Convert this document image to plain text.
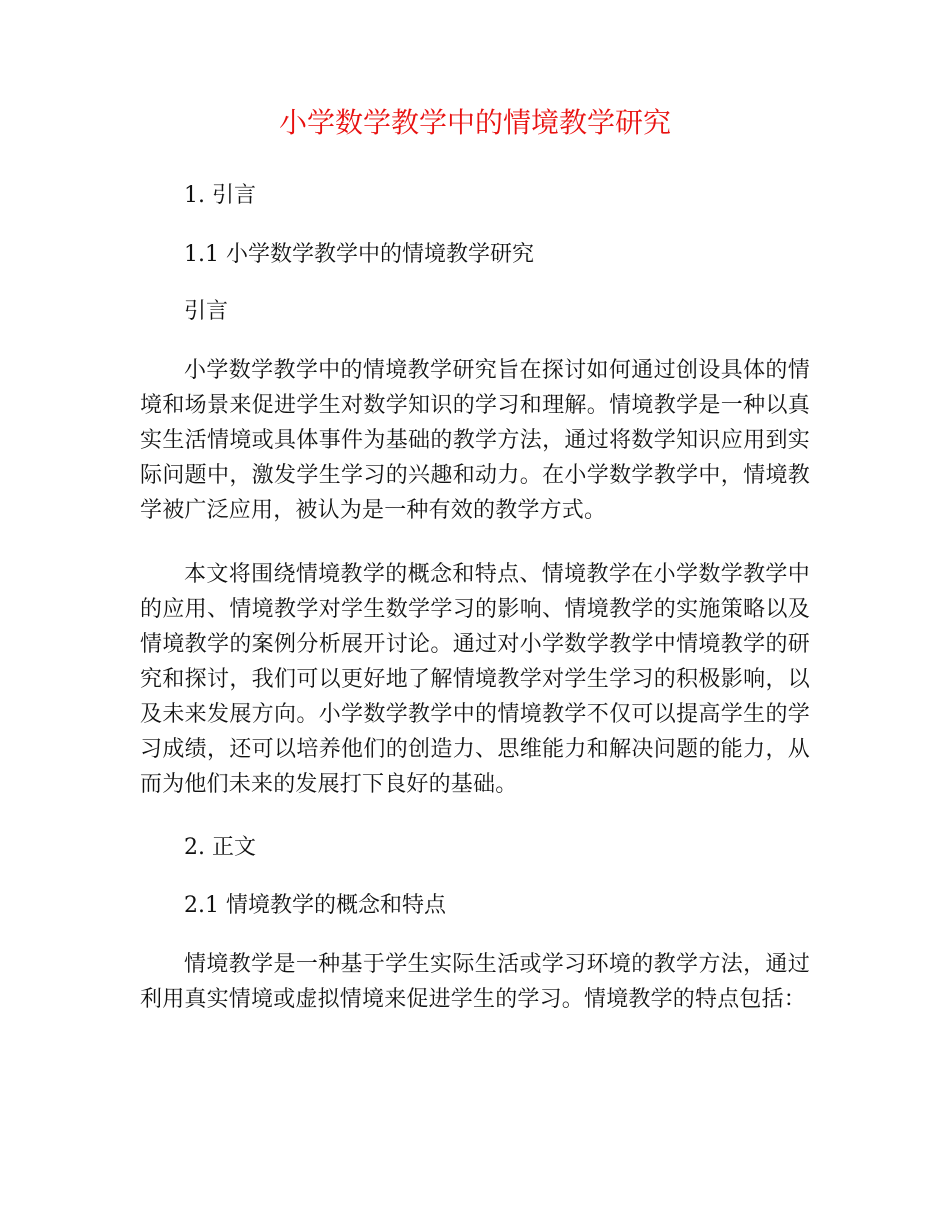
小学数学教学中的情境教学研究

1. 引言

1.1 小学数学教学中的情境教学研究

引言

小学数学教学中的情境教学研究旨在探讨如何通过创设具体的情境和场景来促进学生对数学知识的学习和理解。情境教学是一种以真实生活情境或具体事件为基础的教学方法，通过将数学知识应用到实际问题中，激发学生学习的兴趣和动力。在小学数学教学中，情境教学被广泛应用，被认为是一种有效的教学方式。

本文将围绕情境教学的概念和特点、情境教学在小学数学教学中的应用、情境教学对学生数学学习的影响、情境教学的实施策略以及情境教学的案例分析展开讨论。通过对小学数学教学中情境教学的研究和探讨，我们可以更好地了解情境教学对学生学习的积极影响，以及未来发展方向。小学数学教学中的情境教学不仅可以提高学生的学习成绩，还可以培养他们的创造力、思维能力和解决问题的能力，从而为他们未来的发展打下良好的基础。

2. 正文

2.1 情境教学的概念和特点

情境教学是一种基于学生实际生活或学习环境的教学方法，通过利用真实情境或虚拟情境来促进学生的学习。情境教学的特点包括：
